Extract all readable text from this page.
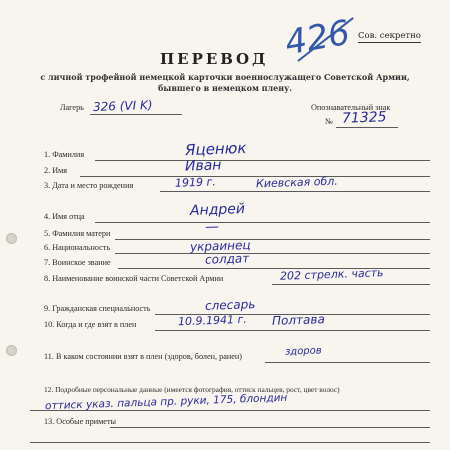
426 Сов. секретно
ПЕРЕВОД
с личной трофейной немецкой карточки военнослужащего Советской Армии,
бывшего в немецком плену.
Лагерь 326 (VI K)	Опознавательный знак
№ 71325
1. Фамилия	Яценюк
2. Имя	Иван
3. Дата и место рождения	1919 г.	Киевская обл.
4. Имя отца	Андрей
5. Фамилия матери	—
6. Национальность	украинец
7. Воинское звание	солдат
8. Наименование воинской части Советской Армии	202 стрелк. часть
9. Гражданская специальность	слесарь
10. Когда и где взят в плен	10.9.1941 г. Полтава
11. В каком состоянии взят в плен (здоров, болен, ранен)	здоров
12. Подробные персональные данные (имеется фотография, оттиск пальцев, рост, цвет волос)
оттиск указ. пальца пр. руки, 175, блондин
13. Особые приметы
